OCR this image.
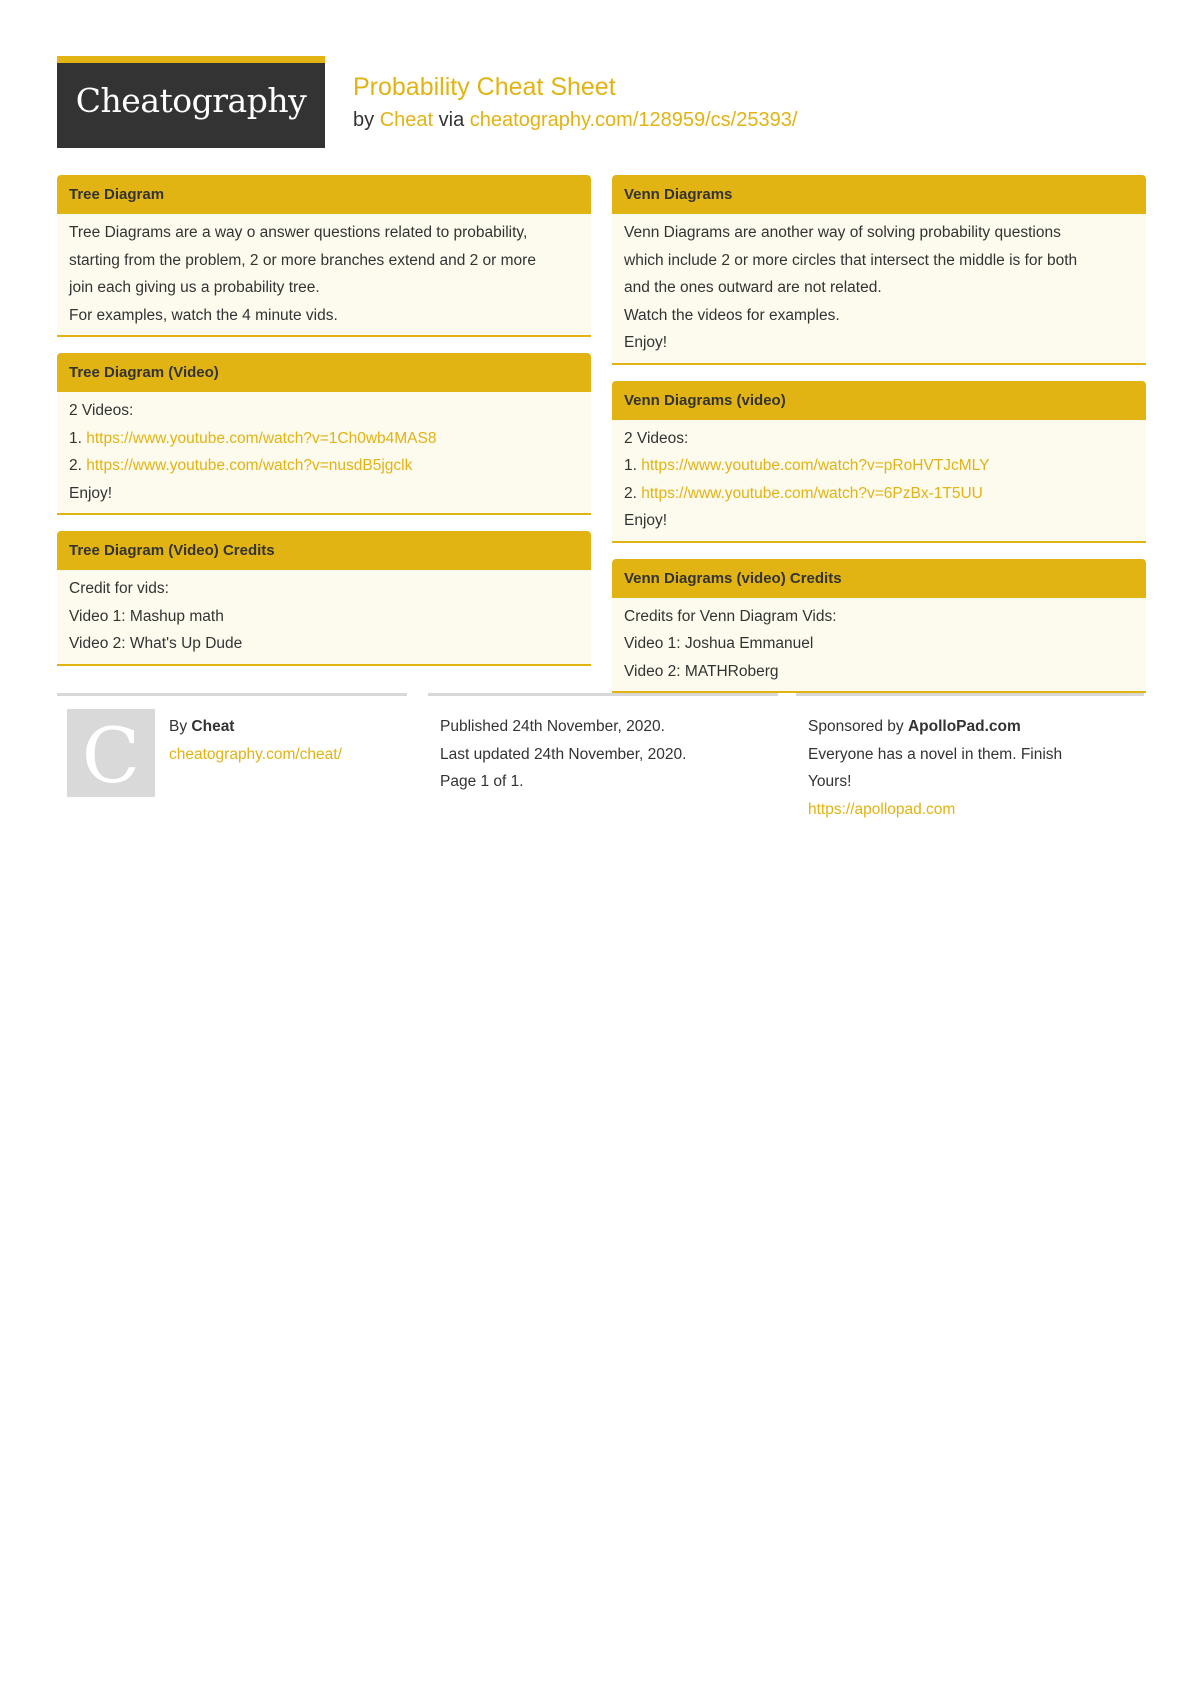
Cheatography	Probability Cheat Sheet
by Cheat via cheatography.com/128959/cs/25393/
Tree Diagram
Tree Diagrams are a way o answer questions related to probability,
starting from the problem, 2 or more branches extend and 2 or more
join each giving us a probability tree.
For examples, watch the 4 minute vids.
Tree Diagram (Video)
2 Videos:
1. https://www.youtube.com/watch?v=1Ch0wb4MAS8
2. https://www.youtube.com/watch?v=nusdB5jgclk
Enjoy!
Tree Diagram (Video) Credits
Credit for vids:
Video 1: Mashup math
Video 2: What's Up Dude
Venn Diagrams
Venn Diagrams are another way of solving probability questions
which include 2 or more circles that intersect the middle is for both
and the ones outward are not related.
Watch the videos for examples.
Enjoy!
Venn Diagrams (video)
2 Videos:
1. https://www.youtube.com/watch?v=pRoHVTJcMLY
2. https://www.youtube.com/watch?v=6PzBx-1T5UU
Enjoy!
Venn Diagrams (video) Credits
Credits for Venn Diagram Vids:
Video 1: Joshua Emmanuel
Video 2: MATHRoberg
C	By Cheat
cheatography.com/cheat/
Published 24th November, 2020.
Last updated 24th November, 2020.
Page 1 of 1.
Sponsored by ApolloPad.com
Everyone has a novel in them. Finish
Yours!
https://apollopad.com
